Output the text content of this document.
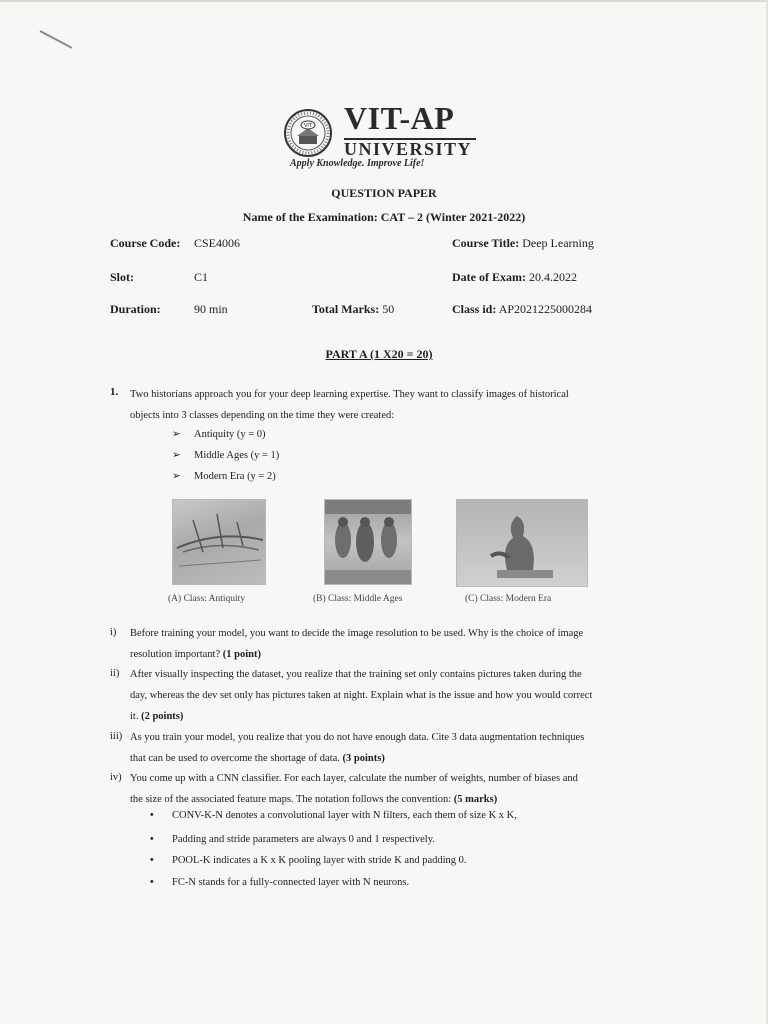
VIT VIT-AP
UNIVERSITY
Apply Knowledge. Improve Life!
QUESTION PAPER
Name of the Examination: CAT – 2 (Winter 2021-2022)
Course Code: CSE4006	Course Title: Deep Learning
Slot:	C1	Date of Exam: 20.4.2022
Duration:	90 min	Total Marks: 50	Class id: AP2021225000284
PART A (1 X20 = 20)
1. Two historians approach you for your deep learning expertise. They want to classify images of historical
objects into 3 classes depending on the time they were created:
➢ Antiquity (y = 0)
➢ Middle Ages (y = 1)
➢ Modern Era (y = 2)
(A) Class: Antiquity	(B) Class: Middle Ages	(C) Class: Modern Era
i) Before training your model, you want to decide the image resolution to be used. Why is the choice of image
resolution important? (1 point)
ii) After visually inspecting the dataset, you realize that the training set only contains pictures taken during the
day, whereas the dev set only has pictures taken at night. Explain what is the issue and how you would correct
it. (2 points)
iii) As you train your model, you realize that you do not have enough data. Cite 3 data augmentation techniques
that can be used to overcome the shortage of data. (3 points)
iv) You come up with a CNN classifier. For each layer, calculate the number of weights, number of biases and
the size of the associated feature maps. The notation follows the convention: (5 marks)
• CONV-K-N denotes a convolutional layer with N filters, each them of size K x K,
• Padding and stride parameters are always 0 and 1 respectively.
• POOL-K indicates a K x K pooling layer with stride K and padding 0.
• FC-N stands for a fully-connected layer with N neurons.
